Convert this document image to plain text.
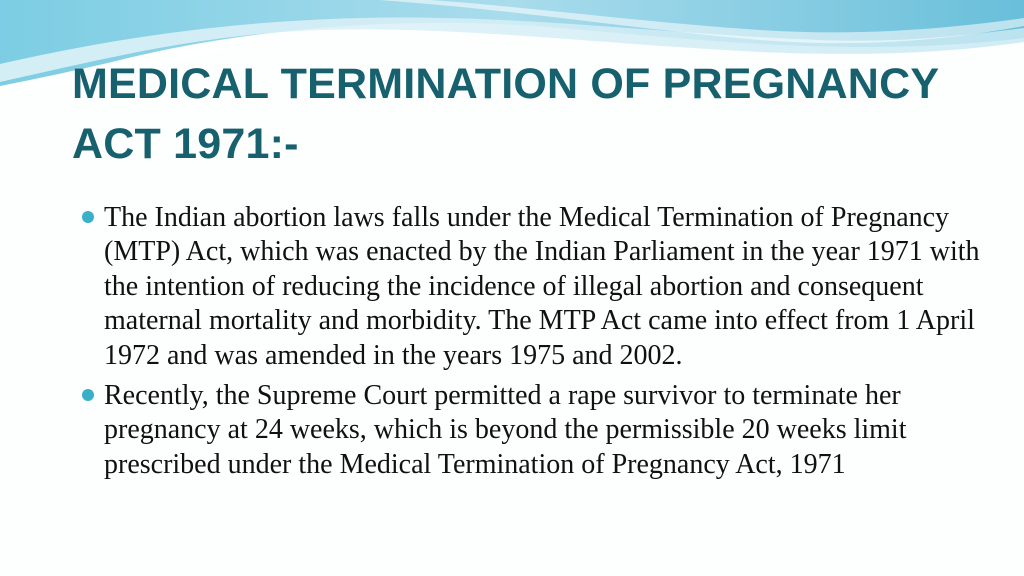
MEDICAL TERMINATION OF PREGNANCY ACT 1971:-
The Indian abortion laws falls under the Medical Termination of Pregnancy (MTP) Act, which was enacted by the Indian Parliament in the year 1971 with the intention of reducing the incidence of illegal abortion and consequent maternal mortality and morbidity. The MTP Act came into effect from 1 April 1972 and was amended in the years 1975 and 2002.
Recently, the Supreme Court permitted a rape survivor to terminate her pregnancy at 24 weeks, which is beyond the permissible 20 weeks limit prescribed under the Medical Termination of Pregnancy Act, 1971
